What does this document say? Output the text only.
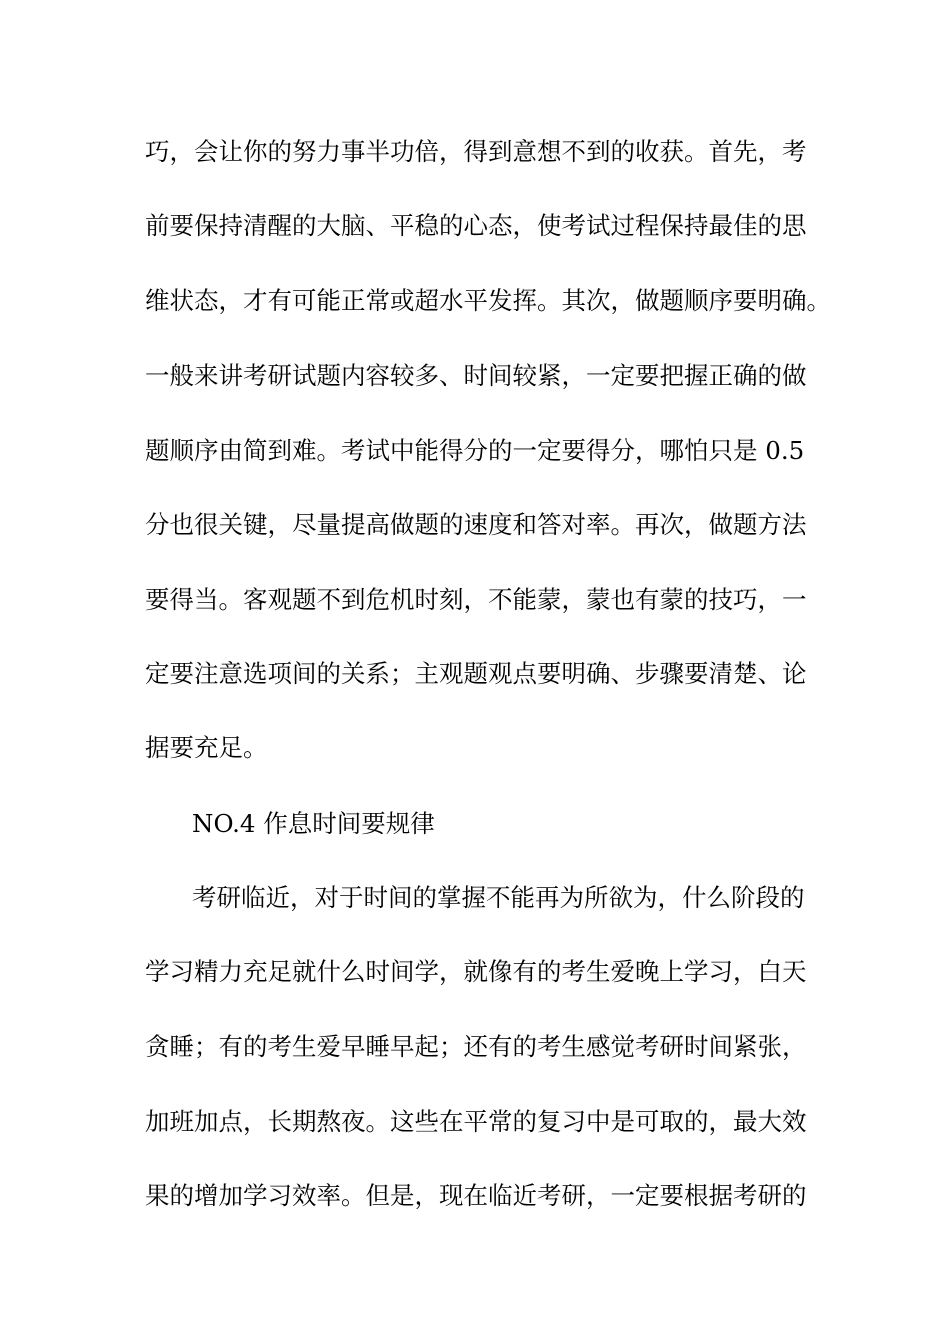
巧，会让你的努力事半功倍，得到意想不到的收获。首先，考
前要保持清醒的大脑、平稳的心态，使考试过程保持最佳的思
维状态，才有可能正常或超水平发挥。其次，做题顺序要明确。
一般来讲考研试题内容较多、时间较紧，一定要把握正确的做
题顺序由简到难。考试中能得分的一定要得分，哪怕只是 0.5
分也很关键，尽量提高做题的速度和答对率。再次，做题方法
要得当。客观题不到危机时刻，不能蒙，蒙也有蒙的技巧，一
定要注意选项间的关系；主观题观点要明确、步骤要清楚、论
据要充足。
NO.4 作息时间要规律
考研临近，对于时间的掌握不能再为所欲为，什么阶段的
学习精力充足就什么时间学，就像有的考生爱晚上学习，白天
贪睡；有的考生爱早睡早起；还有的考生感觉考研时间紧张，
加班加点，长期熬夜。这些在平常的复习中是可取的，最大效
果的增加学习效率。但是，现在临近考研，一定要根据考研的
